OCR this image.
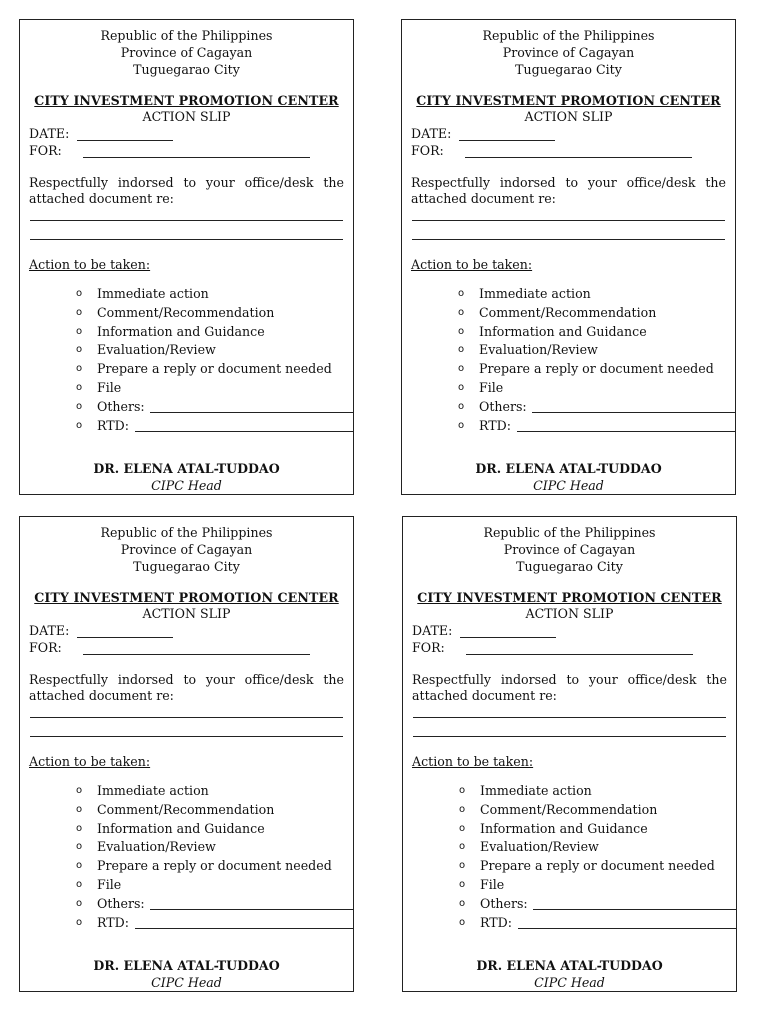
Republic of the Philippines
Province of Cagayan
Tuguegarao City
CITY INVESTMENT PROMOTION CENTER
ACTION SLIP
DATE:
FOR:
Respectfully indorsed to your office/desk the attached document re:
Action to be taken:
o Immediate action
o Comment/Recommendation
o Information and Guidance
o Evaluation/Review
o Prepare a reply or document needed
o File
o Others:
o RTD:
DR. ELENA ATAL-TUDDAO
CIPC Head
Republic of the Philippines
Province of Cagayan
Tuguegarao City
CITY INVESTMENT PROMOTION CENTER
ACTION SLIP
DATE:
FOR:
Respectfully indorsed to your office/desk the attached document re:
Action to be taken:
o Immediate action
o Comment/Recommendation
o Information and Guidance
o Evaluation/Review
o Prepare a reply or document needed
o File
o Others:
o RTD:
DR. ELENA ATAL-TUDDAO
CIPC Head
Republic of the Philippines
Province of Cagayan
Tuguegarao City
CITY INVESTMENT PROMOTION CENTER
ACTION SLIP
DATE:
FOR:
Respectfully indorsed to your office/desk the attached document re:
Action to be taken:
o Immediate action
o Comment/Recommendation
o Information and Guidance
o Evaluation/Review
o Prepare a reply or document needed
o File
o Others:
o RTD:
DR. ELENA ATAL-TUDDAO
CIPC Head
Republic of the Philippines
Province of Cagayan
Tuguegarao City
CITY INVESTMENT PROMOTION CENTER
ACTION SLIP
DATE:
FOR:
Respectfully indorsed to your office/desk the attached document re:
Action to be taken:
o Immediate action
o Comment/Recommendation
o Information and Guidance
o Evaluation/Review
o Prepare a reply or document needed
o File
o Others:
o RTD:
DR. ELENA ATAL-TUDDAO
CIPC Head
